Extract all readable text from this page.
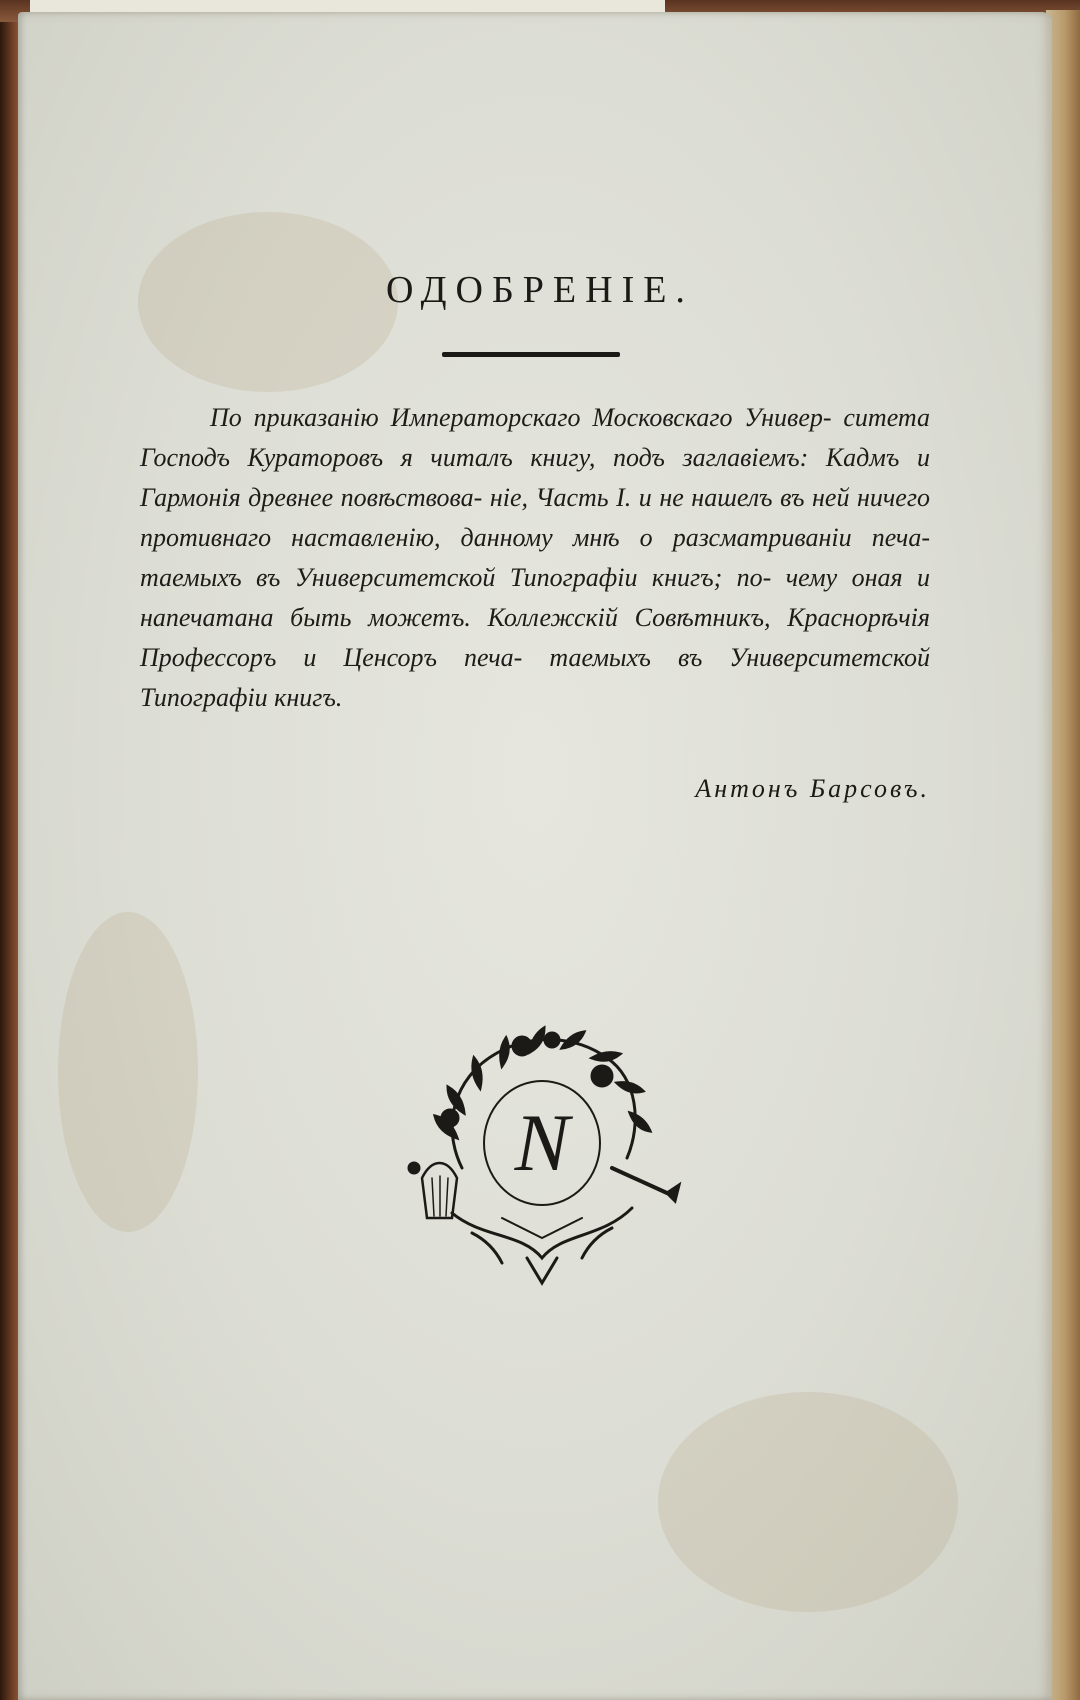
ОДОБРЕНІЕ.
По приказанію Императорскаго Московскаго Универ- ситета Господъ Кураторовъ я читалъ книгу, подъ заглавіемъ: Кадмъ и Гармонія древнее повѣствова- ніе, Часть I. и не нашелъ въ ней ничего противнаго наставленію, данному мнѣ о разсматриваніи печа- таемыхъ въ Университетской Типографіи книгъ; по- чему оная и напечатана быть можетъ. Коллежскій Совѣтникъ, Краснорѣчія Профессоръ и Ценсоръ печа- таемыхъ въ Университетской Типографіи книгъ.
Антонъ Барсовъ.
N
